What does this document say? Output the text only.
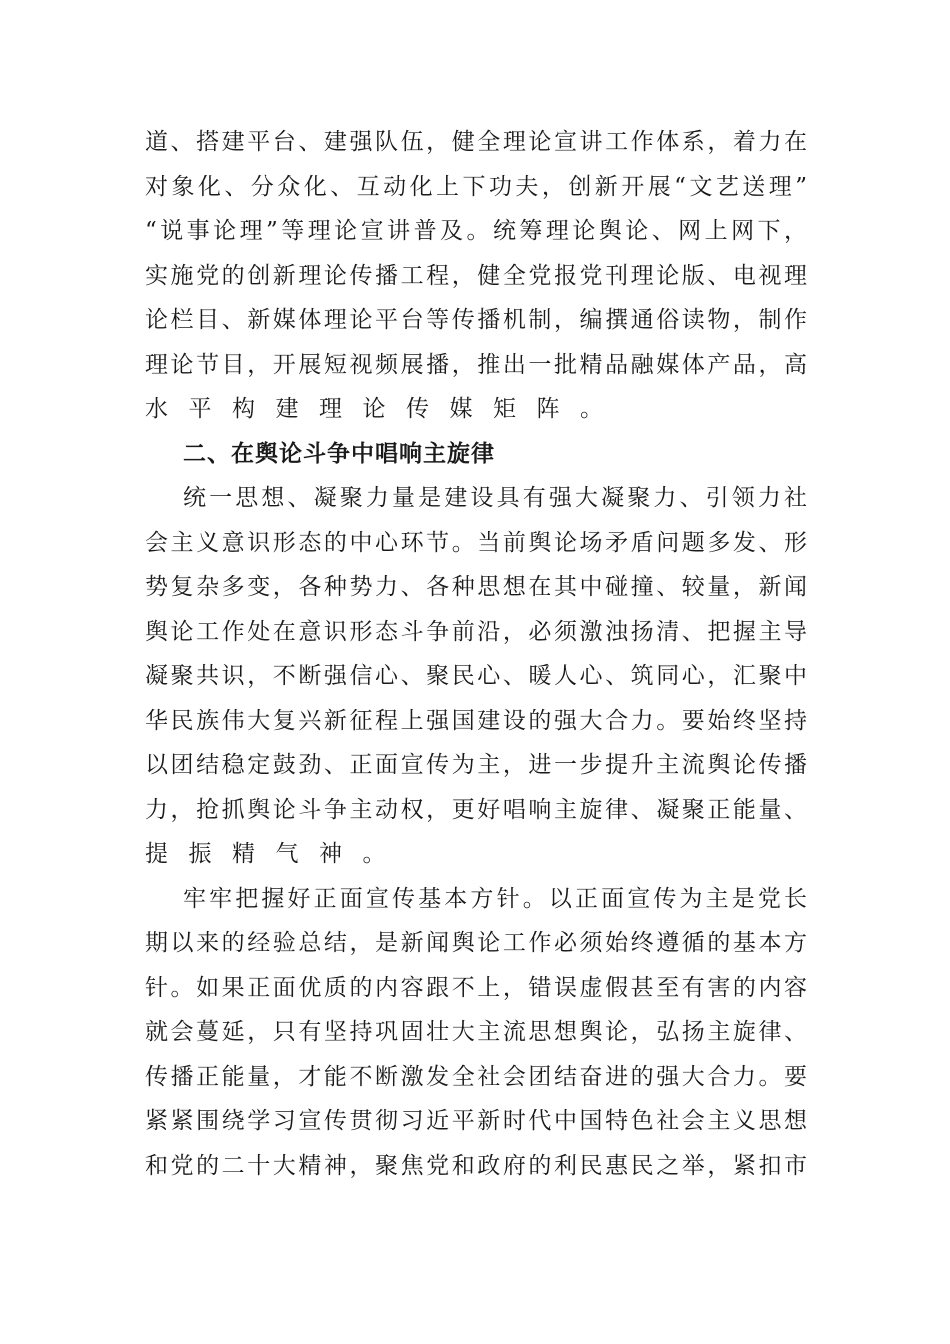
道、搭建平台、建强队伍，健全理论宣讲工作体系，着力在
对象化、分众化、互动化上下功夫，创新开展“文艺送理”
“说事论理”等理论宣讲普及。统筹理论舆论、网上网下，
实施党的创新理论传播工程，健全党报党刊理论版、电视理
论栏目、新媒体理论平台等传播机制，编撰通俗读物，制作
理论节目，开展短视频展播，推出一批精品融媒体产品，高
水平构建理论传媒矩阵。
二、在舆论斗争中唱响主旋律
统一思想、凝聚力量是建设具有强大凝聚力、引领力社
会主义意识形态的中心环节。当前舆论场矛盾问题多发、形
势复杂多变，各种势力、各种思想在其中碰撞、较量，新闻
舆论工作处在意识形态斗争前沿，必须激浊扬清、把握主导
凝聚共识，不断强信心、聚民心、暖人心、筑同心，汇聚中
华民族伟大复兴新征程上强国建设的强大合力。要始终坚持
以团结稳定鼓劲、正面宣传为主，进一步提升主流舆论传播
力，抢抓舆论斗争主动权，更好唱响主旋律、凝聚正能量、
提振精气神。
牢牢把握好正面宣传基本方针。以正面宣传为主是党长
期以来的经验总结，是新闻舆论工作必须始终遵循的基本方
针。如果正面优质的内容跟不上，错误虚假甚至有害的内容
就会蔓延，只有坚持巩固壮大主流思想舆论，弘扬主旋律、
传播正能量，才能不断激发全社会团结奋进的强大合力。要
紧紧围绕学习宣传贯彻习近平新时代中国特色社会主义思想
和党的二十大精神，聚焦党和政府的利民惠民之举，紧扣市
